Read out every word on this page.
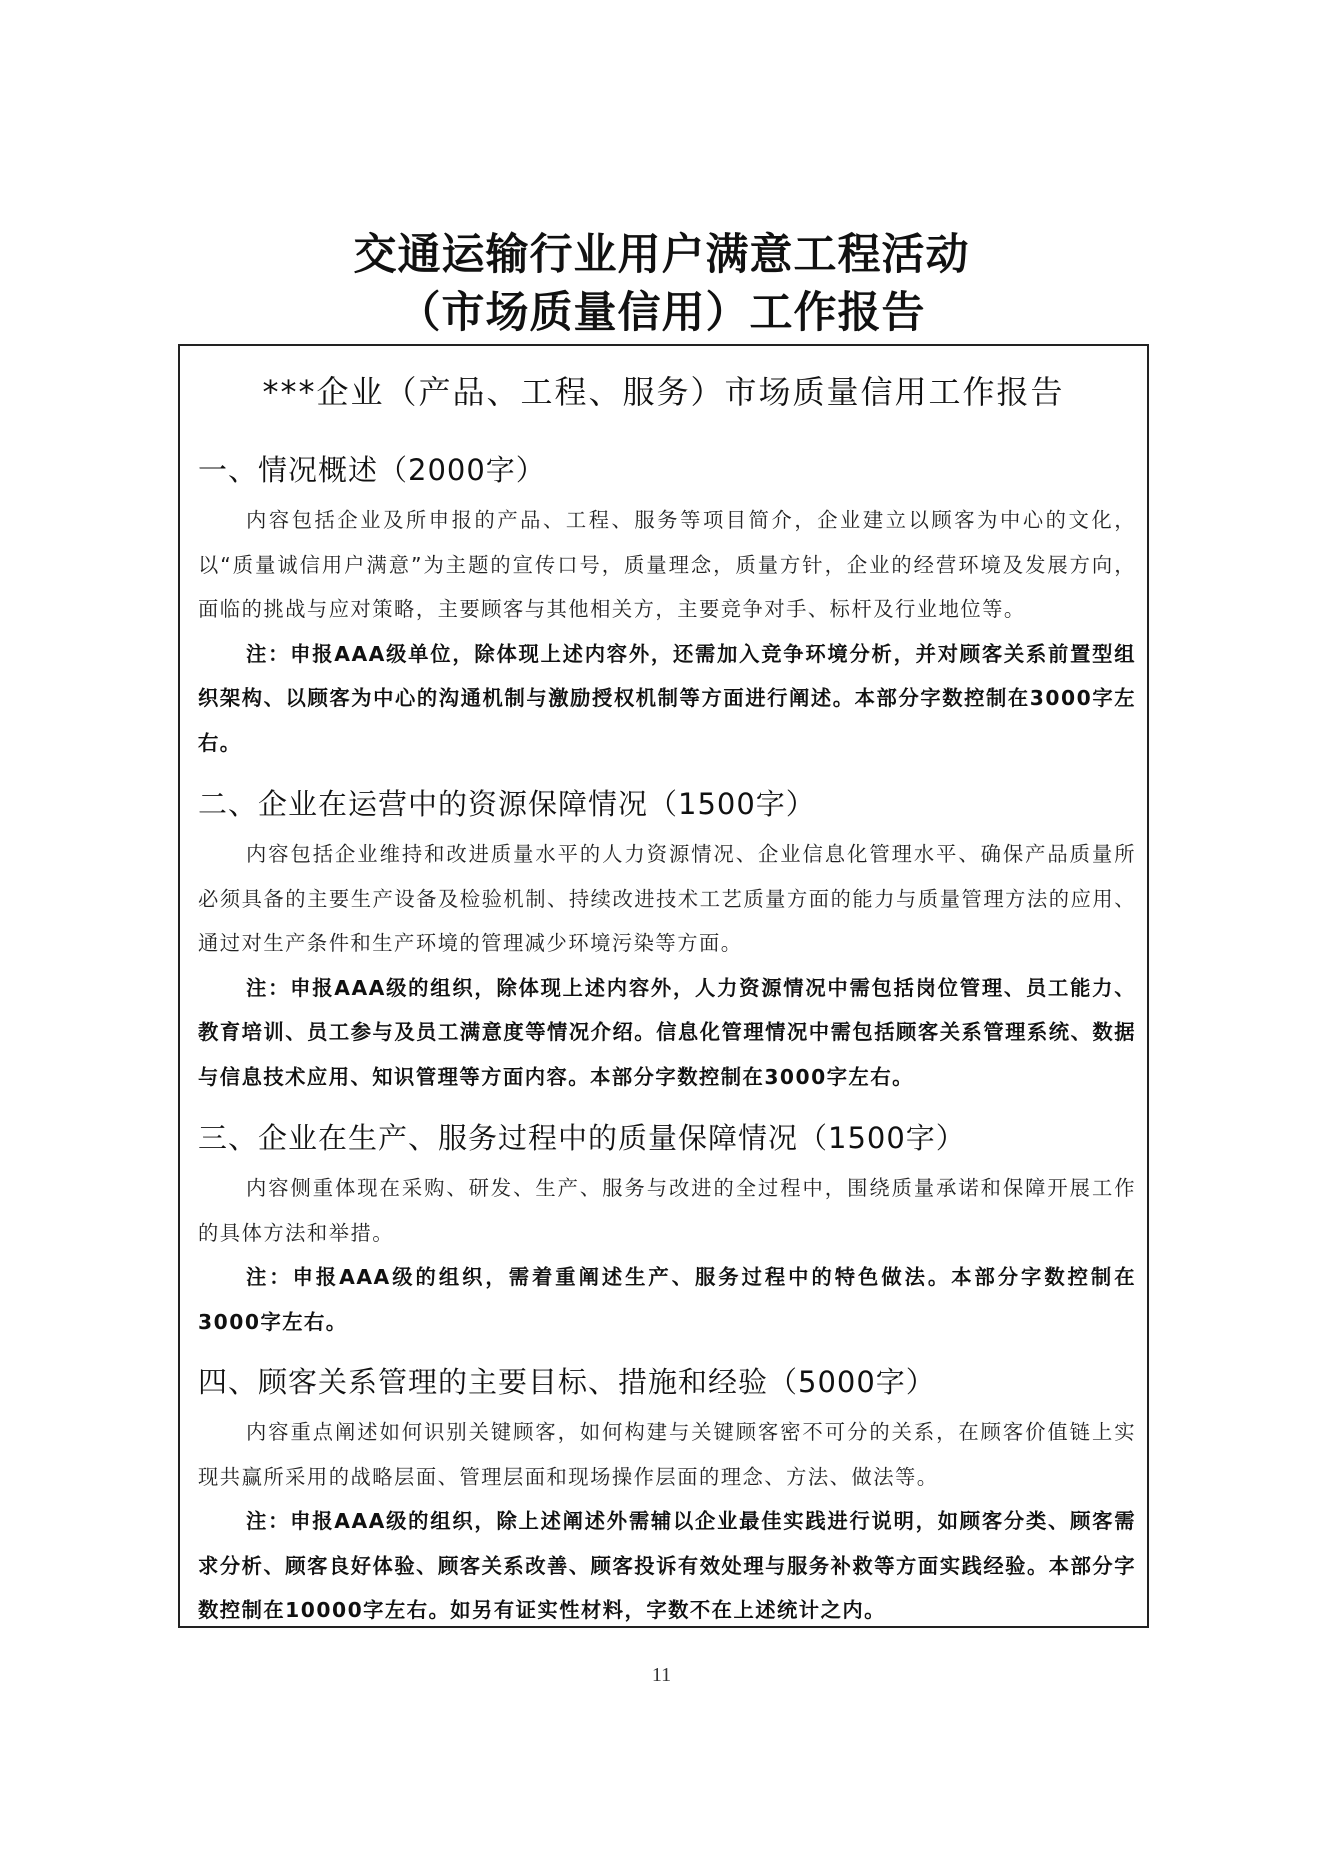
交通运输行业用户满意工程活动
（市场质量信用）工作报告
***企业（产品、工程、服务）市场质量信用工作报告
一、情况概述（2000字）

内容包括企业及所申报的产品、工程、服务等项目简介，企业建立以顾客为中心的文化，以“质量诚信用户满意”为主题的宣传口号，质量理念，质量方针，企业的经营环境及发展方向，面临的挑战与应对策略，主要顾客与其他相关方，主要竞争对手、标杆及行业地位等。

注：申报AAA级单位，除体现上述内容外，还需加入竞争环境分析，并对顾客关系前置型组织架构、以顾客为中心的沟通机制与激励授权机制等方面进行阐述。本部分字数控制在3000字左右。

二、企业在运营中的资源保障情况（1500字）

内容包括企业维持和改进质量水平的人力资源情况、企业信息化管理水平、确保产品质量所必须具备的主要生产设备及检验机制、持续改进技术工艺质量方面的能力与质量管理方法的应用、通过对生产条件和生产环境的管理减少环境污染等方面。

注：申报AAA级的组织，除体现上述内容外，人力资源情况中需包括岗位管理、员工能力、教育培训、员工参与及员工满意度等情况介绍。信息化管理情况中需包括顾客关系管理系统、数据与信息技术应用、知识管理等方面内容。本部分字数控制在3000字左右。

三、企业在生产、服务过程中的质量保障情况（1500字）

内容侧重体现在采购、研发、生产、服务与改进的全过程中，围绕质量承诺和保障开展工作的具体方法和举措。

注：申报AAA级的组织，需着重阐述生产、服务过程中的特色做法。本部分字数控制在3000字左右。

四、顾客关系管理的主要目标、措施和经验（5000字）

内容重点阐述如何识别关键顾客，如何构建与关键顾客密不可分的关系，在顾客价值链上实现共赢所采用的战略层面、管理层面和现场操作层面的理念、方法、做法等。

注：申报AAA级的组织，除上述阐述外需辅以企业最佳实践进行说明，如顾客分类、顾客需求分析、顾客良好体验、顾客关系改善、顾客投诉有效处理与服务补救等方面实践经验。本部分字数控制在10000字左右。如另有证实性材料，字数不在上述统计之内。

11
